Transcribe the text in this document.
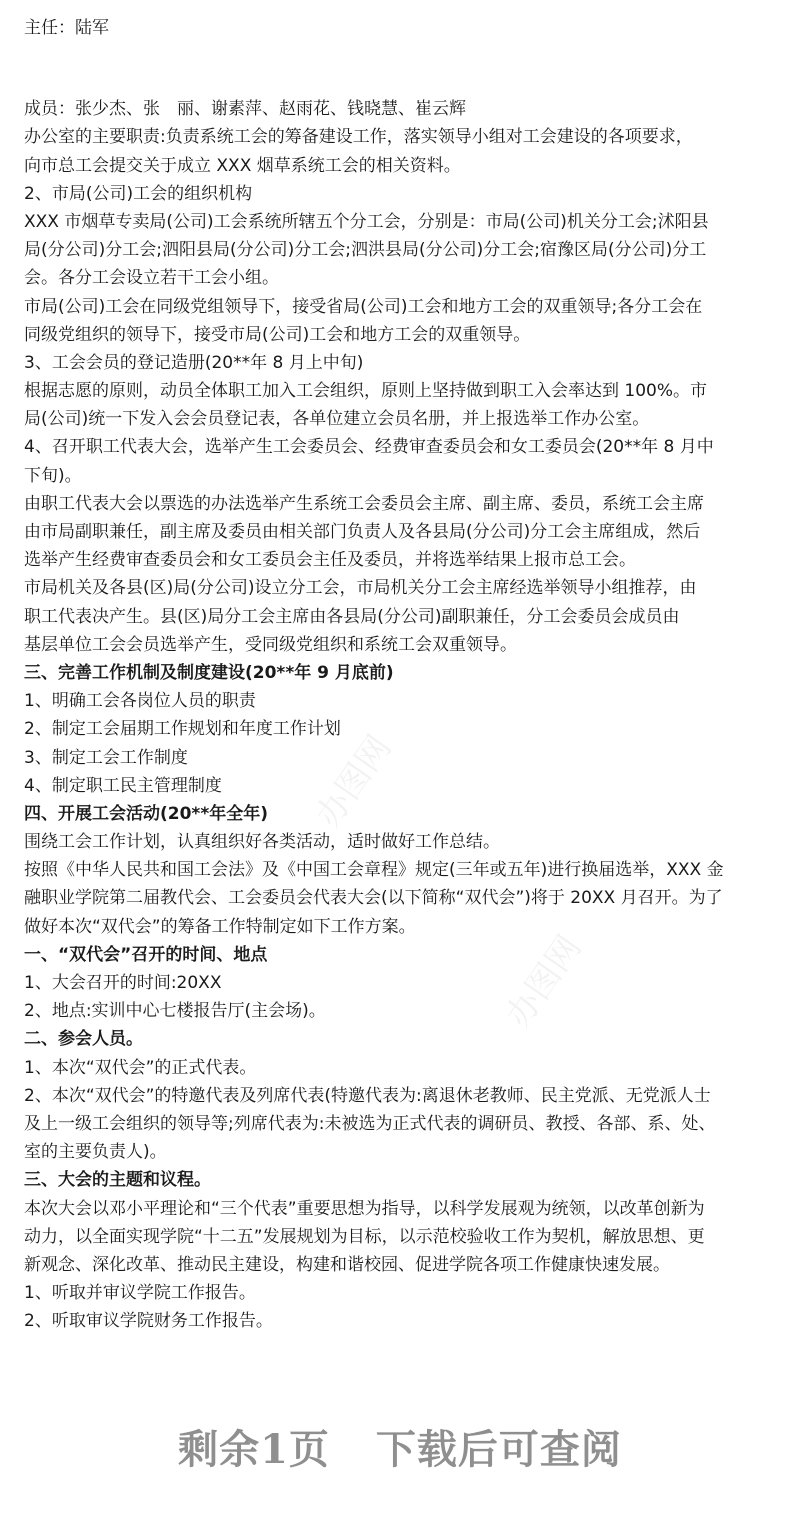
主任：陆军
成员：张少杰、张　丽、谢素萍、赵雨花、钱晓慧、崔云辉
办公室的主要职责:负责系统工会的筹备建设工作，落实领导小组对工会建设的各项要求，
向市总工会提交关于成立 XXX 烟草系统工会的相关资料。
2、市局(公司)工会的组织机构
XXX 市烟草专卖局(公司)工会系统所辖五个分工会，分别是：市局(公司)机关分工会;沭阳县
局(分公司)分工会;泗阳县局(分公司)分工会;泗洪县局(分公司)分工会;宿豫区局(分公司)分工
会。各分工会设立若干工会小组。
市局(公司)工会在同级党组领导下，接受省局(公司)工会和地方工会的双重领导;各分工会在
同级党组织的领导下，接受市局(公司)工会和地方工会的双重领导。
3、工会会员的登记造册(20**年 8 月上中旬)
根据志愿的原则，动员全体职工加入工会组织，原则上坚持做到职工入会率达到 100%。市
局(公司)统一下发入会会员登记表，各单位建立会员名册，并上报选举工作办公室。
4、召开职工代表大会，选举产生工会委员会、经费审查委员会和女工委员会(20**年 8 月中
下旬)。
由职工代表大会以票选的办法选举产生系统工会委员会主席、副主席、委员，系统工会主席
由市局副职兼任，副主席及委员由相关部门负责人及各县局(分公司)分工会主席组成，然后
选举产生经费审查委员会和女工委员会主任及委员，并将选举结果上报市总工会。
市局机关及各县(区)局(分公司)设立分工会，市局机关分工会主席经选举领导小组推荐，由
职工代表决产生。县(区)局分工会主席由各县局(分公司)副职兼任，分工会委员会成员由
基层单位工会会员选举产生，受同级党组织和系统工会双重领导。
三、完善工作机制及制度建设(20**年 9 月底前)
1、明确工会各岗位人员的职责
2、制定工会届期工作规划和年度工作计划
3、制定工会工作制度
4、制定职工民主管理制度
四、开展工会活动(20**年全年)
围绕工会工作计划，认真组织好各类活动，适时做好工作总结。
按照《中华人民共和国工会法》及《中国工会章程》规定(三年或五年)进行换届选举，XXX 金
融职业学院第二届教代会、工会委员会代表大会(以下简称“双代会”)将于 20XX 月召开。为了
做好本次“双代会”的筹备工作特制定如下工作方案。
一、“双代会”召开的时间、地点
1、大会召开的时间:20XX
2、地点:实训中心七楼报告厅(主会场)。
二、参会人员。
1、本次“双代会”的正式代表。
2、本次“双代会”的特邀代表及列席代表(特邀代表为:离退休老教师、民主党派、无党派人士
及上一级工会组织的领导等;列席代表为:未被选为正式代表的调研员、教授、各部、系、处、
室的主要负责人)。
三、大会的主题和议程。
本次大会以邓小平理论和“三个代表”重要思想为指导，以科学发展观为统领，以改革创新为
动力，以全面实现学院“十二五”发展规划为目标，以示范校验收工作为契机，解放思想、更
新观念、深化改革、推动民主建设，构建和谐校园、促进学院各项工作健康快速发展。
1、听取并审议学院工作报告。
2、听取审议学院财务工作报告。
办图网
办图网
剩余1页 下载后可查阅
